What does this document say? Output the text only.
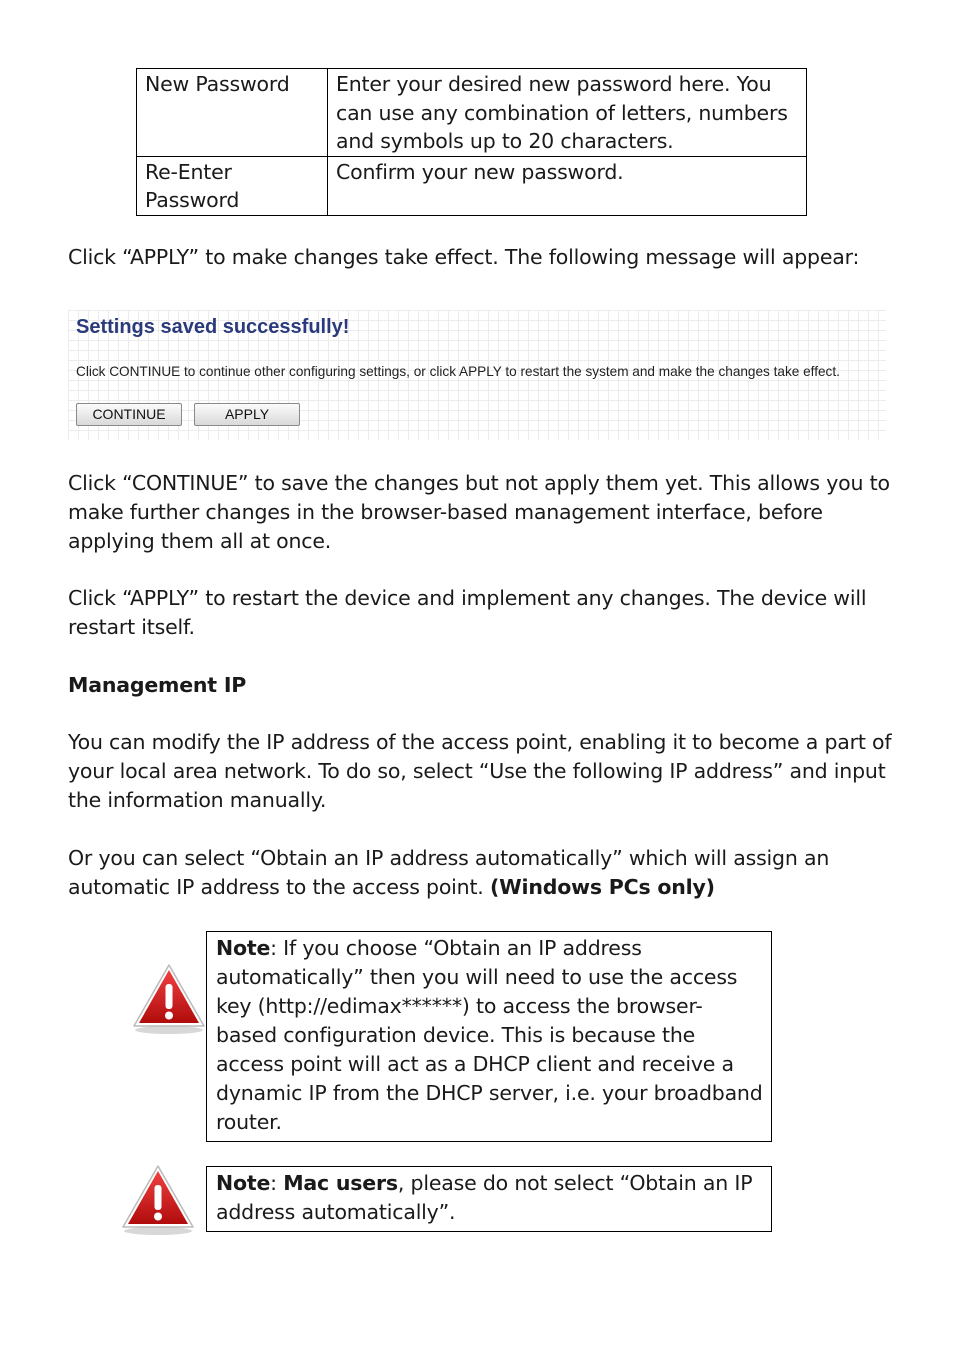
New Password	Enter your desired new password here. You can use any combination of letters, numbers and symbols up to 20 characters.
Re-Enter Password	Confirm your new password.

Click “APPLY” to make changes take effect. The following message will appear:

Settings saved successfully!

Click CONTINUE to continue other configuring settings, or click APPLY to restart the system and make the changes take effect.

CONTINUE	APPLY

Click “CONTINUE” to save the changes but not apply them yet. This allows you to make further changes in the browser-based management interface, before applying them all at once.

Click “APPLY” to restart the device and implement any changes. The device will restart itself.

Management IP

You can modify the IP address of the access point, enabling it to become a part of your local area network. To do so, select “Use the following IP address” and input the information manually.

Or you can select “Obtain an IP address automatically” which will assign an automatic IP address to the access point. (Windows PCs only)

Note: If you choose “Obtain an IP address automatically” then you will need to use the access key (http://edimax******) to access the browser-based configuration device. This is because the access point will act as a DHCP client and receive a dynamic IP from the DHCP server, i.e. your broadband router.
Note: Mac users, please do not select “Obtain an IP address automatically”.
